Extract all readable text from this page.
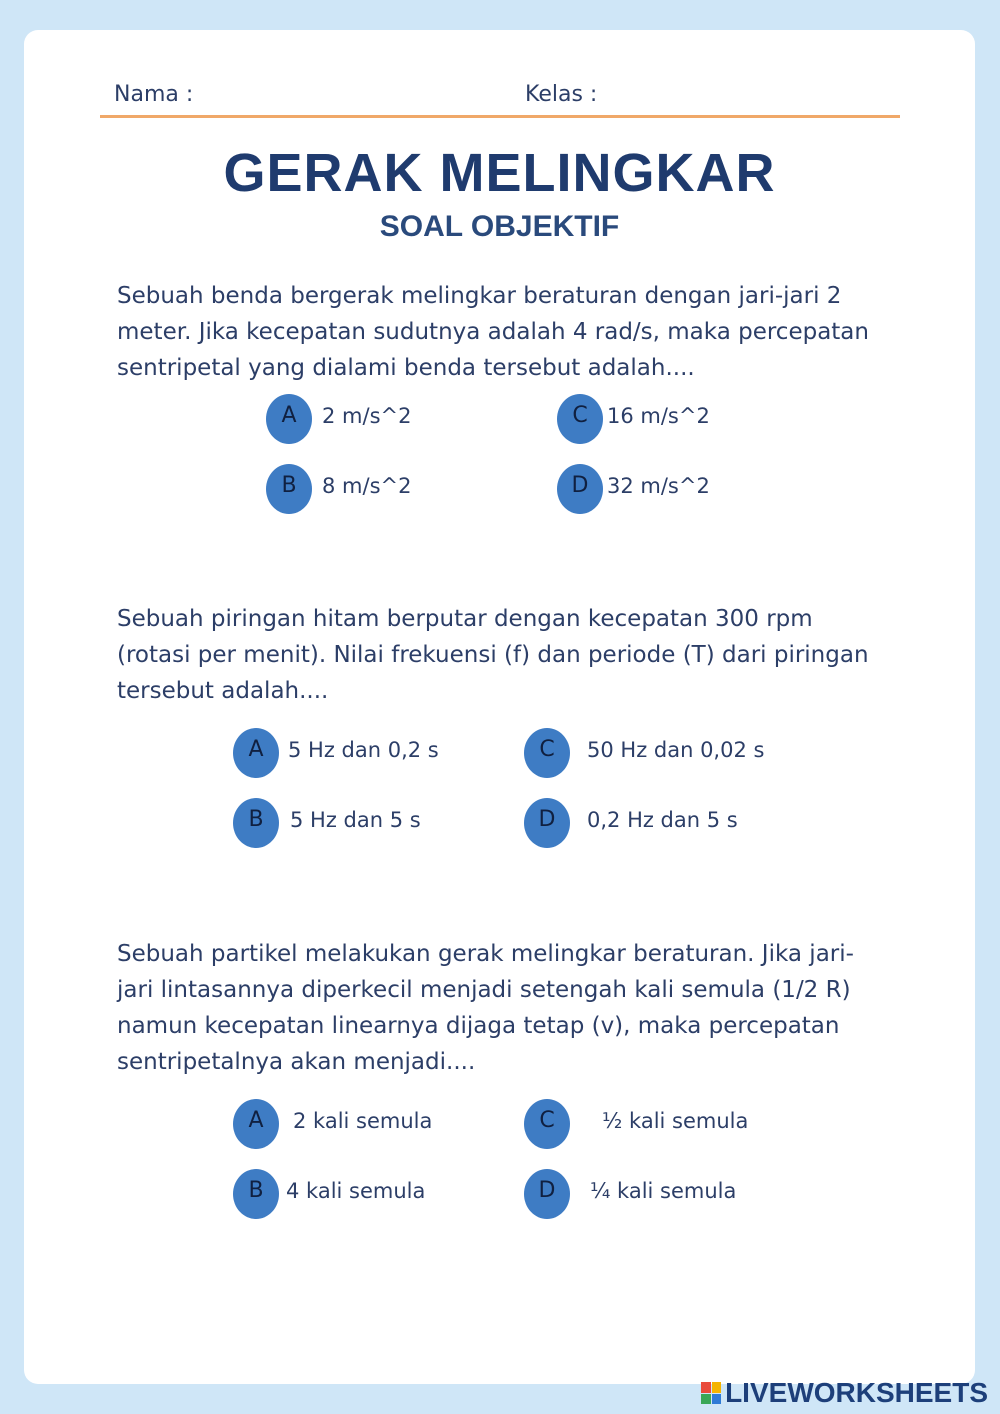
Nama :	Kelas :
GERAK MELINGKAR
SOAL OBJEKTIF
Sebuah benda bergerak melingkar beraturan dengan jari-jari 2 meter. Jika kecepatan sudutnya adalah 4 rad/s, maka percepatan sentripetal yang dialami benda tersebut adalah....
A	2 m/s^2
B	8 m/s^2
C 16 m/s^2
D 32 m/s^2
Sebuah piringan hitam berputar dengan kecepatan 300 rpm (rotasi per menit). Nilai frekuensi (f) dan periode (T) dari piringan tersebut adalah....
A	5 Hz dan 0,2 s
B	5 Hz dan 5 s
C	50 Hz dan 0,02 s
D	0,2 Hz dan 5 s
Sebuah partikel melakukan gerak melingkar beraturan. Jika jari-jari lintasannya diperkecil menjadi setengah kali semula (1/2 R) namun kecepatan linearnya dijaga tetap (v), maka percepatan sentripetalnya akan menjadi....
A	2 kali semula
B	4 kali semula
C	½ kali semula
D	¼ kali semula
LIVEWORKSHEETS
